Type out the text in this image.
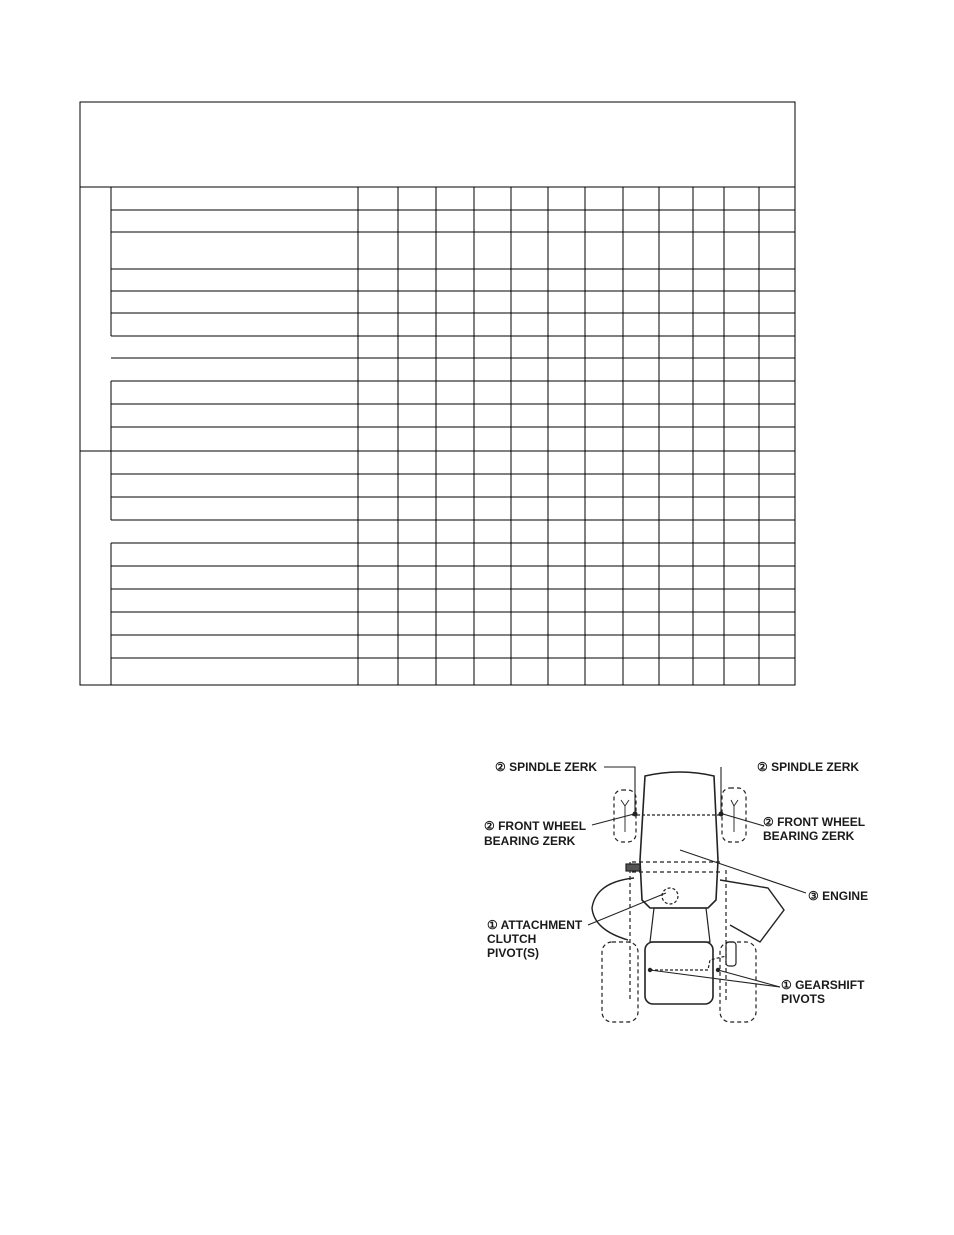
② SPINDLE ZERK	② SPINDLE ZERK
② FRONT WHEEL
BEARING ZERK
② FRONT WHEEL
BEARING ZERK
③ ENGINE
① ATTACHMENT
CLUTCH
PIVOT(S)
① GEARSHIFT
PIVOTS
